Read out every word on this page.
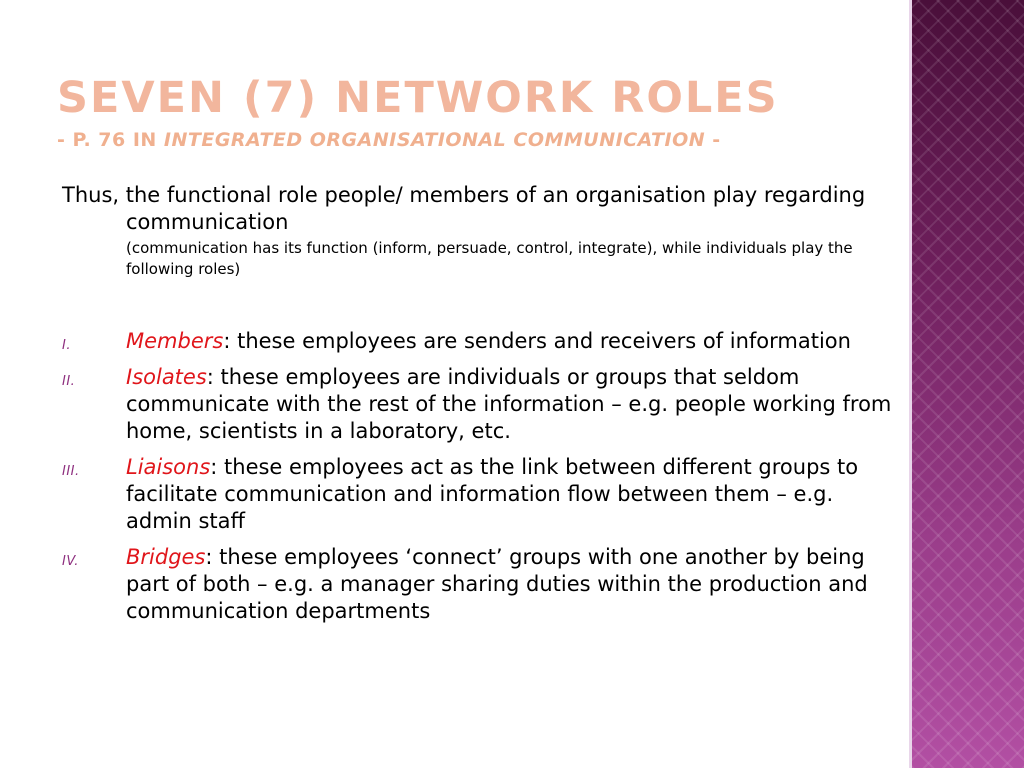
SEVEN (7) NETWORK ROLES
- P. 76 IN INTEGRATED ORGANISATIONAL COMMUNICATION -

Thus, the functional role people/ members of an organisation play regarding communication

(communication has its function (inform, persuade, control, integrate), while individuals play the following roles)

I.	Members: these employees are senders and receivers of information
II. Isolates: these employees are individuals or groups that seldom communicate with the rest of the information – e.g. people working from home, scientists in a laboratory, etc.
III. Liaisons: these employees act as the link between different groups to facilitate communication and information flow between them – e.g. admin staff
IV. Bridges: these employees ‘connect’ groups with one another by being part of both – e.g. a manager sharing duties within the production and communication departments
